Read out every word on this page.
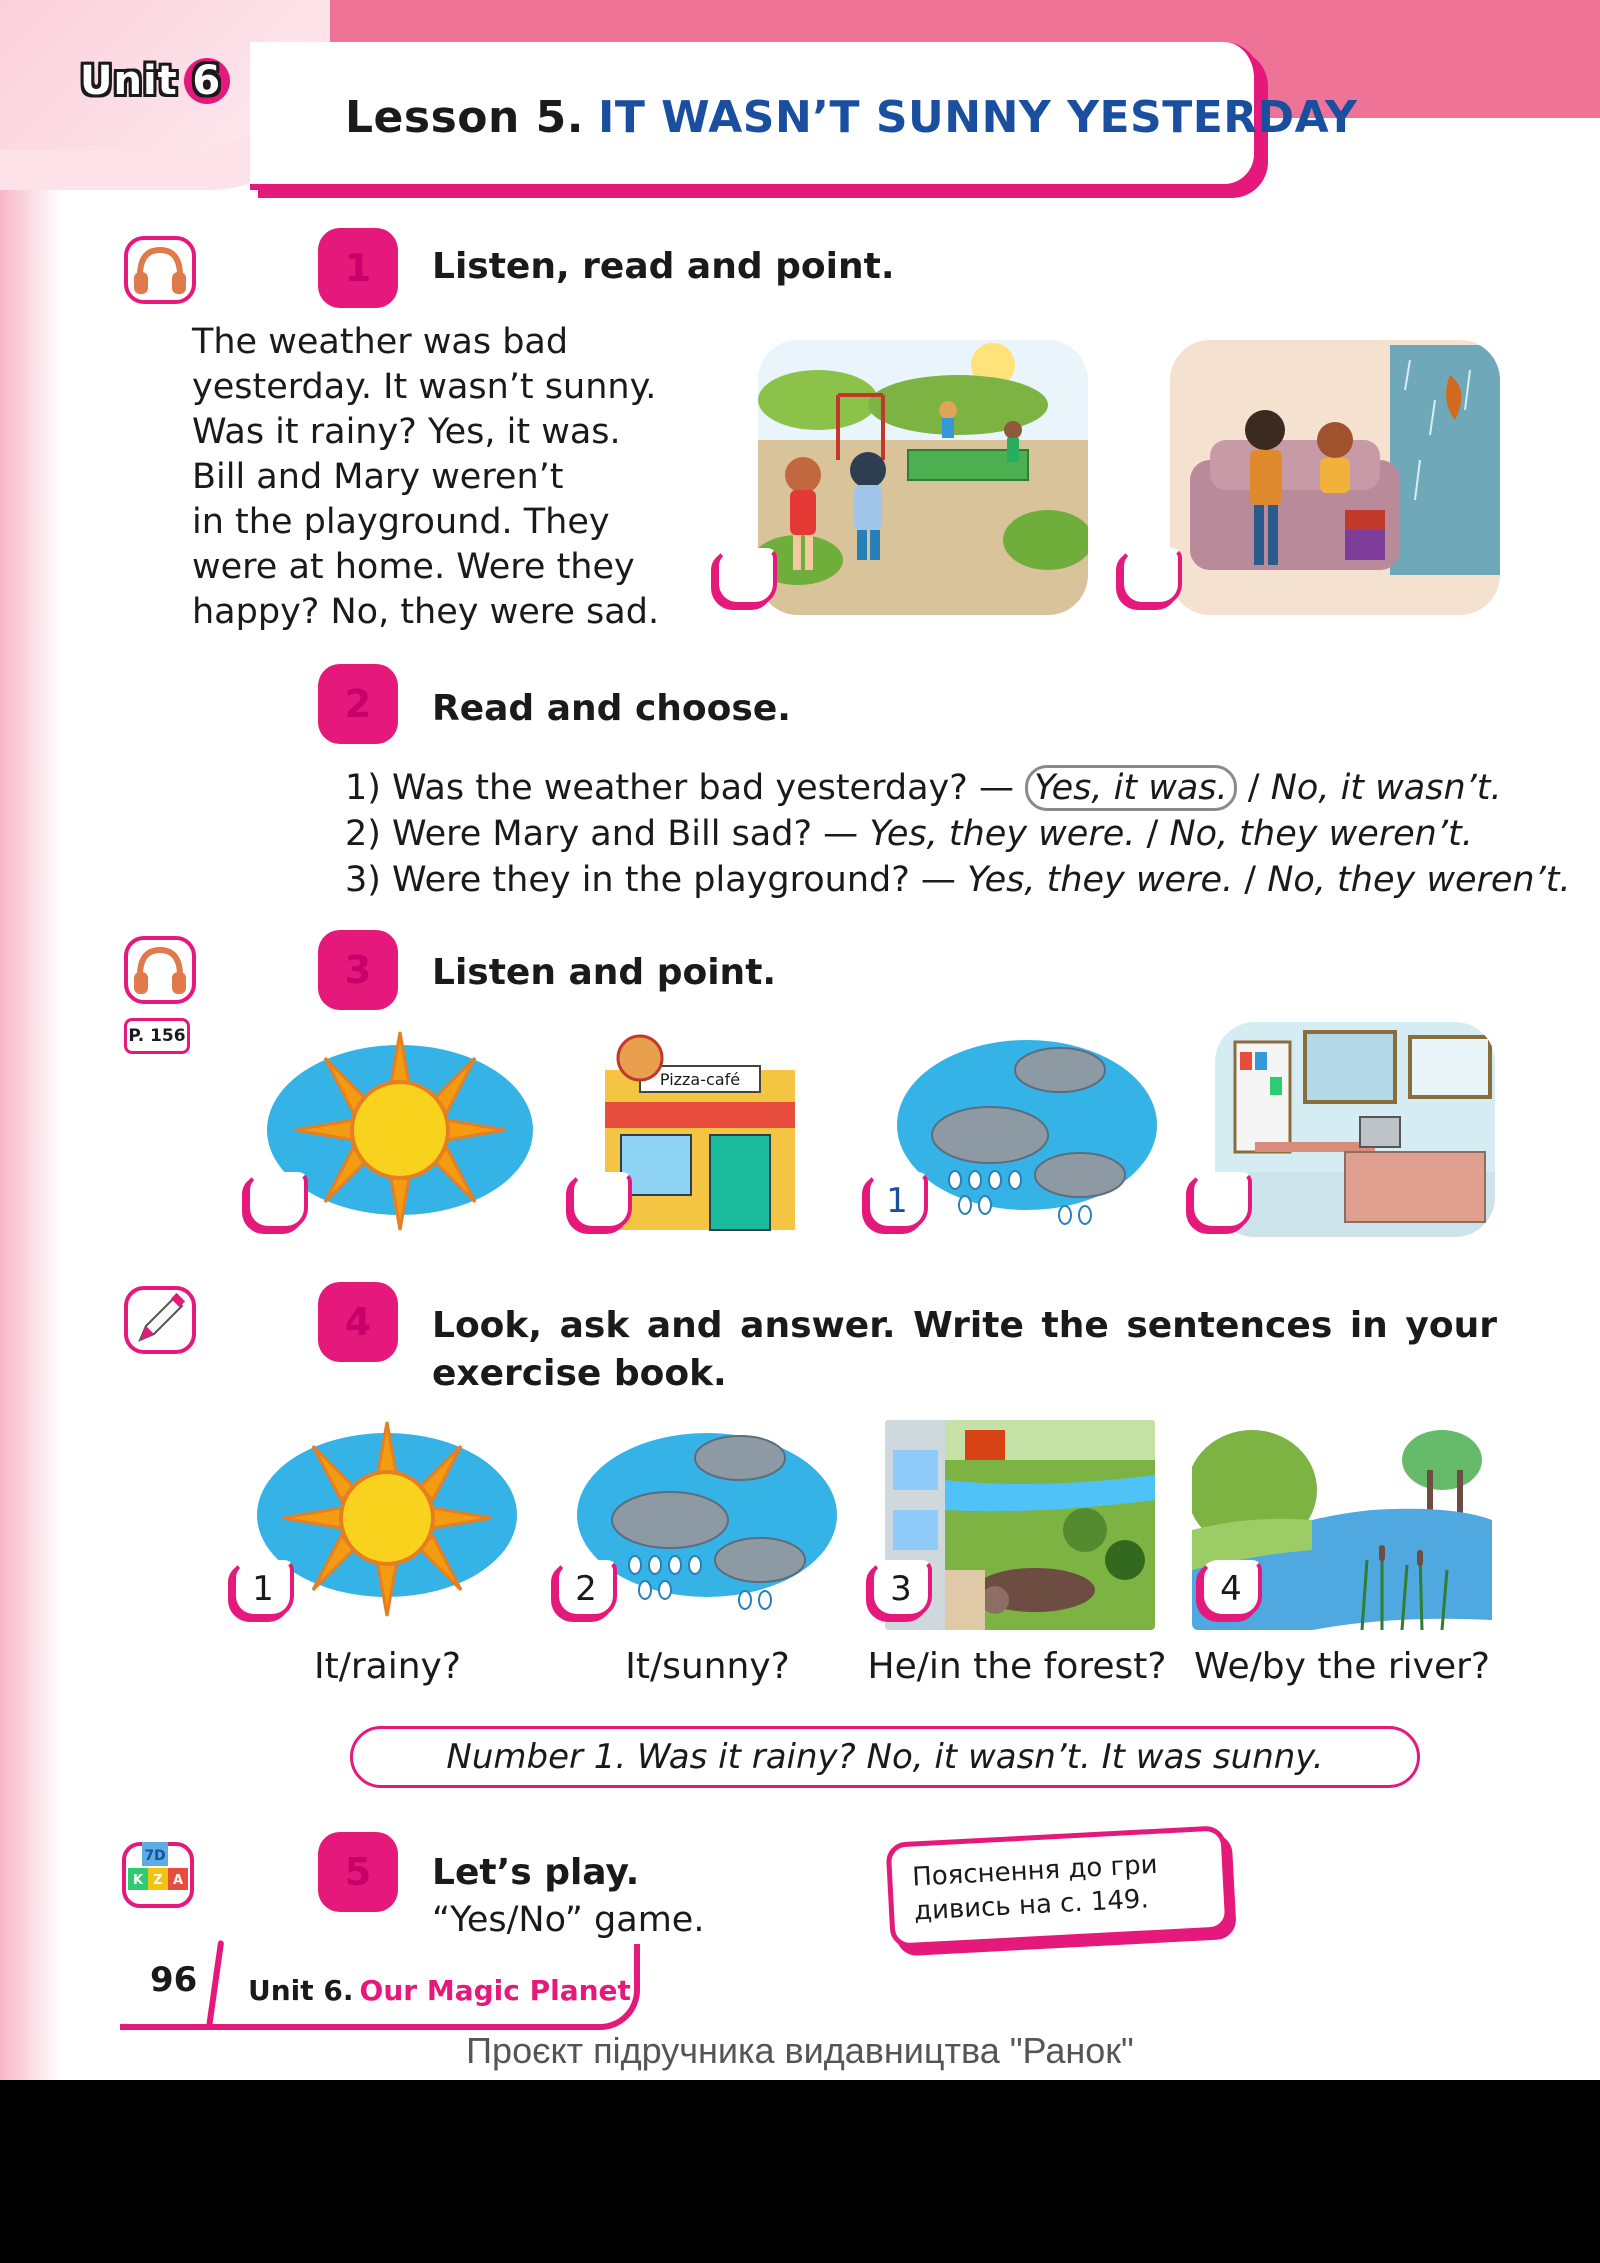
Unit 6
Lesson 5. IT WASN’T SUNNY YESTERDAY
1	Listen, read and point.
The weather was bad
yesterday. It wasn’t sunny.
Was it rainy? Yes, it was.
Bill and Mary weren’t
in the playground. They
were at home. Were they
happy? No, they were sad.
2	Read and choose.
1) Was the weather bad yesterday? — Yes, it was. / No, it wasn’t.
2) Were Mary and Bill sad? — Yes, they were. / No, they weren’t.
3) Were they in the playground? — Yes, they were. / No, they weren’t.
P. 156
3	Listen and point.
Pizza-café
1
4	Look, ask and answer. Write the sentences in your exercise book.
1
It/rainy?
2
It/sunny?
3
He/in the forest?
4
We/by the river?
Number 1. Was it rainy? No, it wasn’t. It was sunny.
7D
K Z A	5	Let’s play.
“Yes/No” game.
Пояснення до гри
дивись на с. 149.
96 Unit 6. Our Magic Planet
Проєкт підручника видавництва "Ранок"
